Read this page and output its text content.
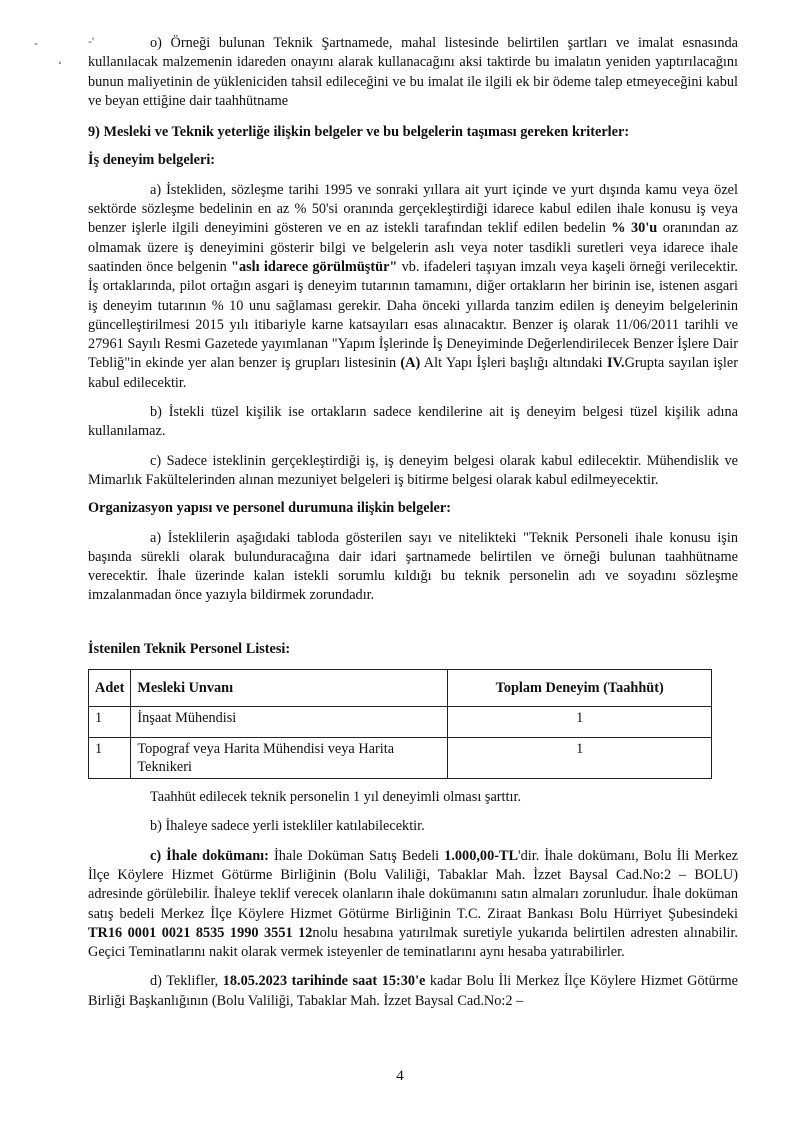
-	-'
‘

o) Örneği bulunan Teknik Şartnamede, mahal listesinde belirtilen şartları ve imalat esnasında kullanılacak malzemenin idareden onayını alarak kullanacağını aksi taktirde bu imalatın yeniden yaptırılacağını bunun maliyetinin de yükleniciden tahsil edileceğini ve bu imalat ile ilgili ek bir ödeme talep etmeyeceğini kabul ve beyan ettiğine dair taahhütname

9) Mesleki ve Teknik yeterliğe ilişkin belgeler ve bu belgelerin taşıması gereken kriterler:

İş deneyim belgeleri:

a) İstekliden, sözleşme tarihi 1995 ve sonraki yıllara ait yurt içinde ve yurt dışında kamu veya özel sektörde sözleşme bedelinin en az % 50'si oranında gerçekleştirdiği idarece kabul edilen ihale konusu iş veya benzer işlerle ilgili deneyimini gösteren ve en az istekli tarafından teklif edilen bedelin % 30'u oranından az olmamak üzere iş deneyimini gösterir bilgi ve belgelerin aslı veya noter tasdikli suretleri veya idarece ihale saatinden önce belgenin "aslı idarece görülmüştür" vb. ifadeleri taşıyan imzalı veya kaşeli örneği verilecektir. İş ortaklarında, pilot ortağın asgari iş deneyim tutarının tamamını, diğer ortakların her birinin ise, istenen asgari iş deneyim tutarının % 10 unu sağlaması gerekir. Daha önceki yıllarda tanzim edilen iş deneyim belgelerinin güncelleştirilmesi 2015 yılı itibariyle karne katsayıları esas alınacaktır. Benzer iş olarak 11/06/2011 tarihli ve 27961 Sayılı Resmi Gazetede yayımlanan "Yapım İşlerinde İş Deneyiminde Değerlendirilecek Benzer İşlere Dair Tebliğ"in ekinde yer alan benzer iş grupları listesinin (A) Alt Yapı İşleri başlığı altındaki IV.Grupta sayılan işler kabul edilecektir.

b) İstekli tüzel kişilik ise ortakların sadece kendilerine ait iş deneyim belgesi tüzel kişilik adına kullanılamaz.

c) Sadece isteklinin gerçekleştirdiği iş, iş deneyim belgesi olarak kabul edilecektir. Mühendislik ve Mimarlık Fakültelerinden alınan mezuniyet belgeleri iş bitirme belgesi olarak kabul edilmeyecektir.

Organizasyon yapısı ve personel durumuna ilişkin belgeler:

a) İsteklilerin aşağıdaki tabloda gösterilen sayı ve nitelikteki "Teknik Personeli ihale konusu işin başında sürekli olarak bulunduracağına dair idari şartnamede belirtilen ve örneği bulunan taahhütname verecektir. İhale üzerinde kalan istekli sorumlu kıldığı bu teknik personelin adı ve soyadını sözleşme imzalanmadan önce yazıyla bildirmek zorundadır.

İstenilen Teknik Personel Listesi:

Adet	Mesleki Unvanı	Toplam Deneyim (Taahhüt)
1	İnşaat Mühendisi	1
1	Topograf veya Harita Mühendisi veya Harita Teknikeri	1

Taahhüt edilecek teknik personelin 1 yıl deneyimli olması şarttır.

b) İhaleye sadece yerli istekliler katılabilecektir.

c) İhale dokümanı: İhale Doküman Satış Bedeli 1.000,00-TL'dir. İhale dokümanı, Bolu İli Merkez İlçe Köylere Hizmet Götürme Birliğinin (Bolu Valiliği, Tabaklar Mah. İzzet Baysal Cad.No:2 – BOLU) adresinde görülebilir. İhaleye teklif verecek olanların ihale dokümanını satın almaları zorunludur. İhale doküman satış bedeli Merkez İlçe Köylere Hizmet Götürme Birliğinin T.C. Ziraat Bankası Bolu Hürriyet Şubesindeki TR16 0001 0021 8535 1990 3551 12nolu hesabına yatırılmak suretiyle yukarıda belirtilen adresten alınabilir. Geçici Teminatlarını nakit olarak vermek isteyenler de teminatlarını aynı hesaba yatırabilirler.

d) Teklifler, 18.05.2023 tarihinde saat 15:30'e kadar Bolu İli Merkez İlçe Köylere Hizmet Götürme Birliği Başkanlığının (Bolu Valiliği, Tabaklar Mah. İzzet Baysal Cad.No:2 –

4
